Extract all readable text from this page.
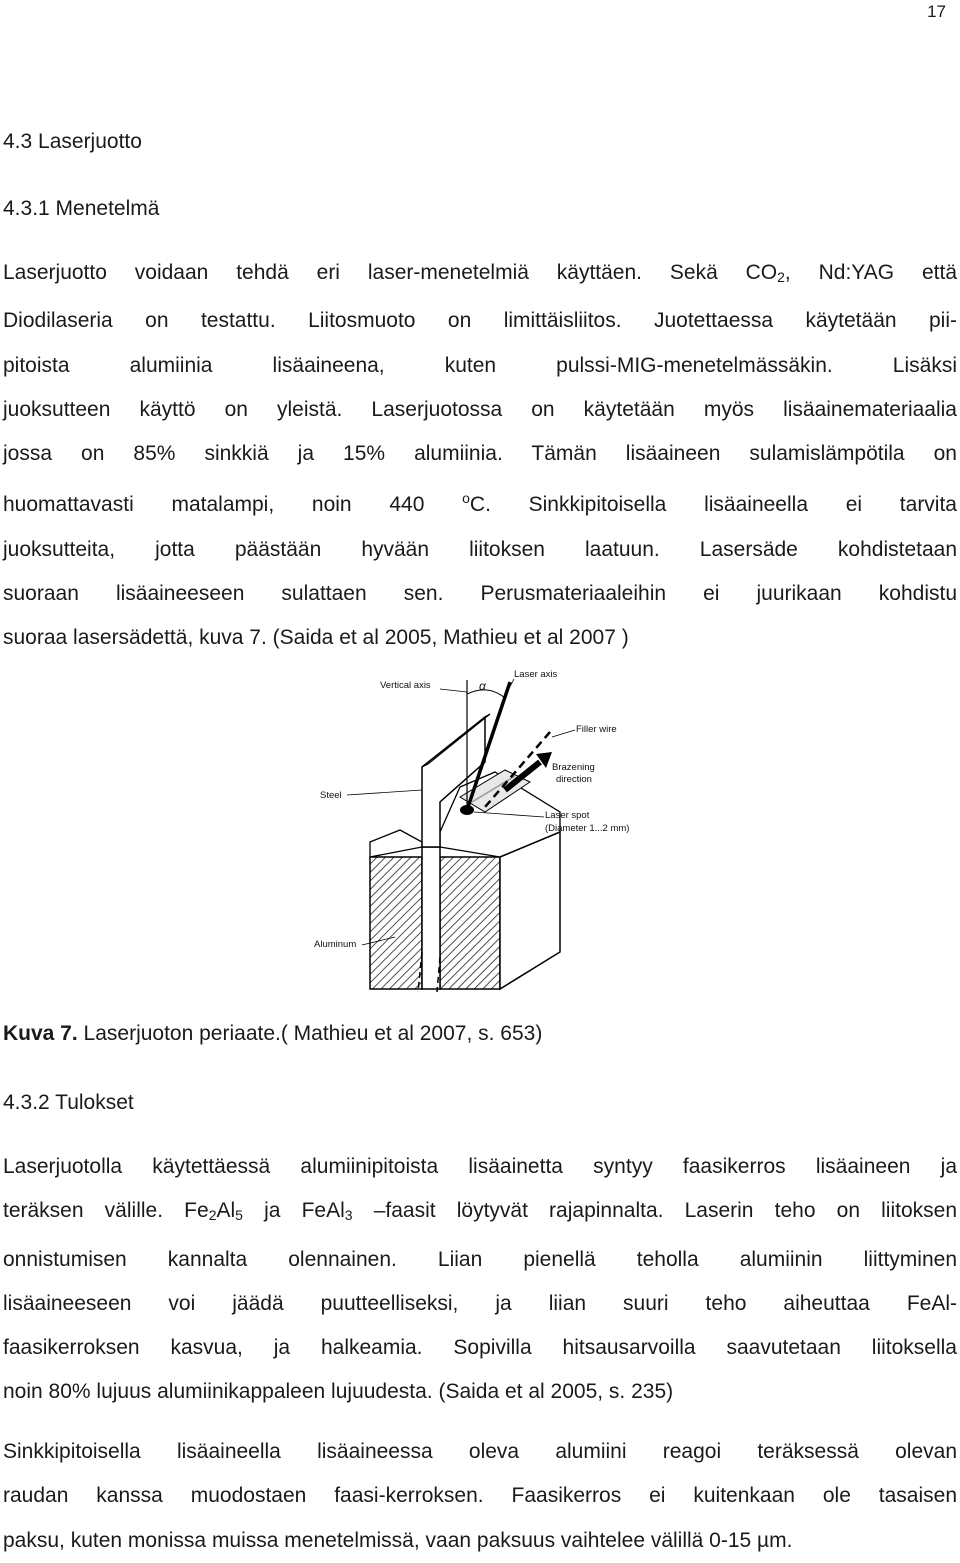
17
4.3 Laserjuotto
4.3.1 Menetelmä
Laserjuotto voidaan tehdä eri laser-menetelmiä käyttäen. Sekä $CO_2$, Nd:YAG että
Diodilaseria on testattu. Liitosmuoto on limittäisliitos. Juotettaessa käytetään pii-
pitoista alumiinia lisäaineena, kuten pulssi-MIG-menetelmässäkin. Lisäksi
juoksutteen käyttö on yleistä. Laserjuotossa on käytetään myös lisäainemateriaalia
jossa on 85% sinkkiä ja 15% alumiinia. Tämän lisäaineen sulamislämpötila on
huomattavasti matalampi, noin 440 $^o$C. Sinkkipitoisella lisäaineella ei tarvita
juoksutteita, jotta päästään hyvään liitoksen laatuun. Lasersäde kohdistetaan
suoraan lisäaineeseen sulattaen sen. Perusmateriaaleihin ei juurikaan kohdistu
suoraa lasersädettä, kuva 7. (Saida et al 2005, Mathieu et al 2007 )
Vertical axis	α
Laser axis
Filler wire
Brazening
direction
Steel
Laser spot
(Diameter 1...2 mm)
Aluminum
Kuva 7. Laserjuoton periaate.( Mathieu et al 2007, s. 653)
4.3.2 Tulokset
Laserjuotolla käytettäessä alumiinipitoista lisäainetta syntyy faasikerros lisäaineen ja
teräksen välille. $Fe_2Al_5$ ja FeAl$_3$ –faasit löytyvät rajapinnalta. Laserin teho on liitoksen
onnistumisen kannalta olennainen. Liian pienellä teholla alumiinin liittyminen
lisäaineeseen voi jäädä puutteelliseksi, ja liian suuri teho aiheuttaa FeAl-
faasikerroksen kasvua, ja halkeamia. Sopivilla hitsausarvoilla saavutetaan liitoksella
noin 80% lujuus alumiinikappaleen lujuudesta. (Saida et al 2005, s. 235)
Sinkkipitoisella lisäaineella lisäaineessa oleva alumiini reagoi teräksessä olevan
raudan kanssa muodostaen faasi-kerroksen. Faasikerros ei kuitenkaan ole tasaisen
paksu, kuten monissa muissa menetelmissä, vaan paksuus vaihtelee välillä 0-15 µm.
